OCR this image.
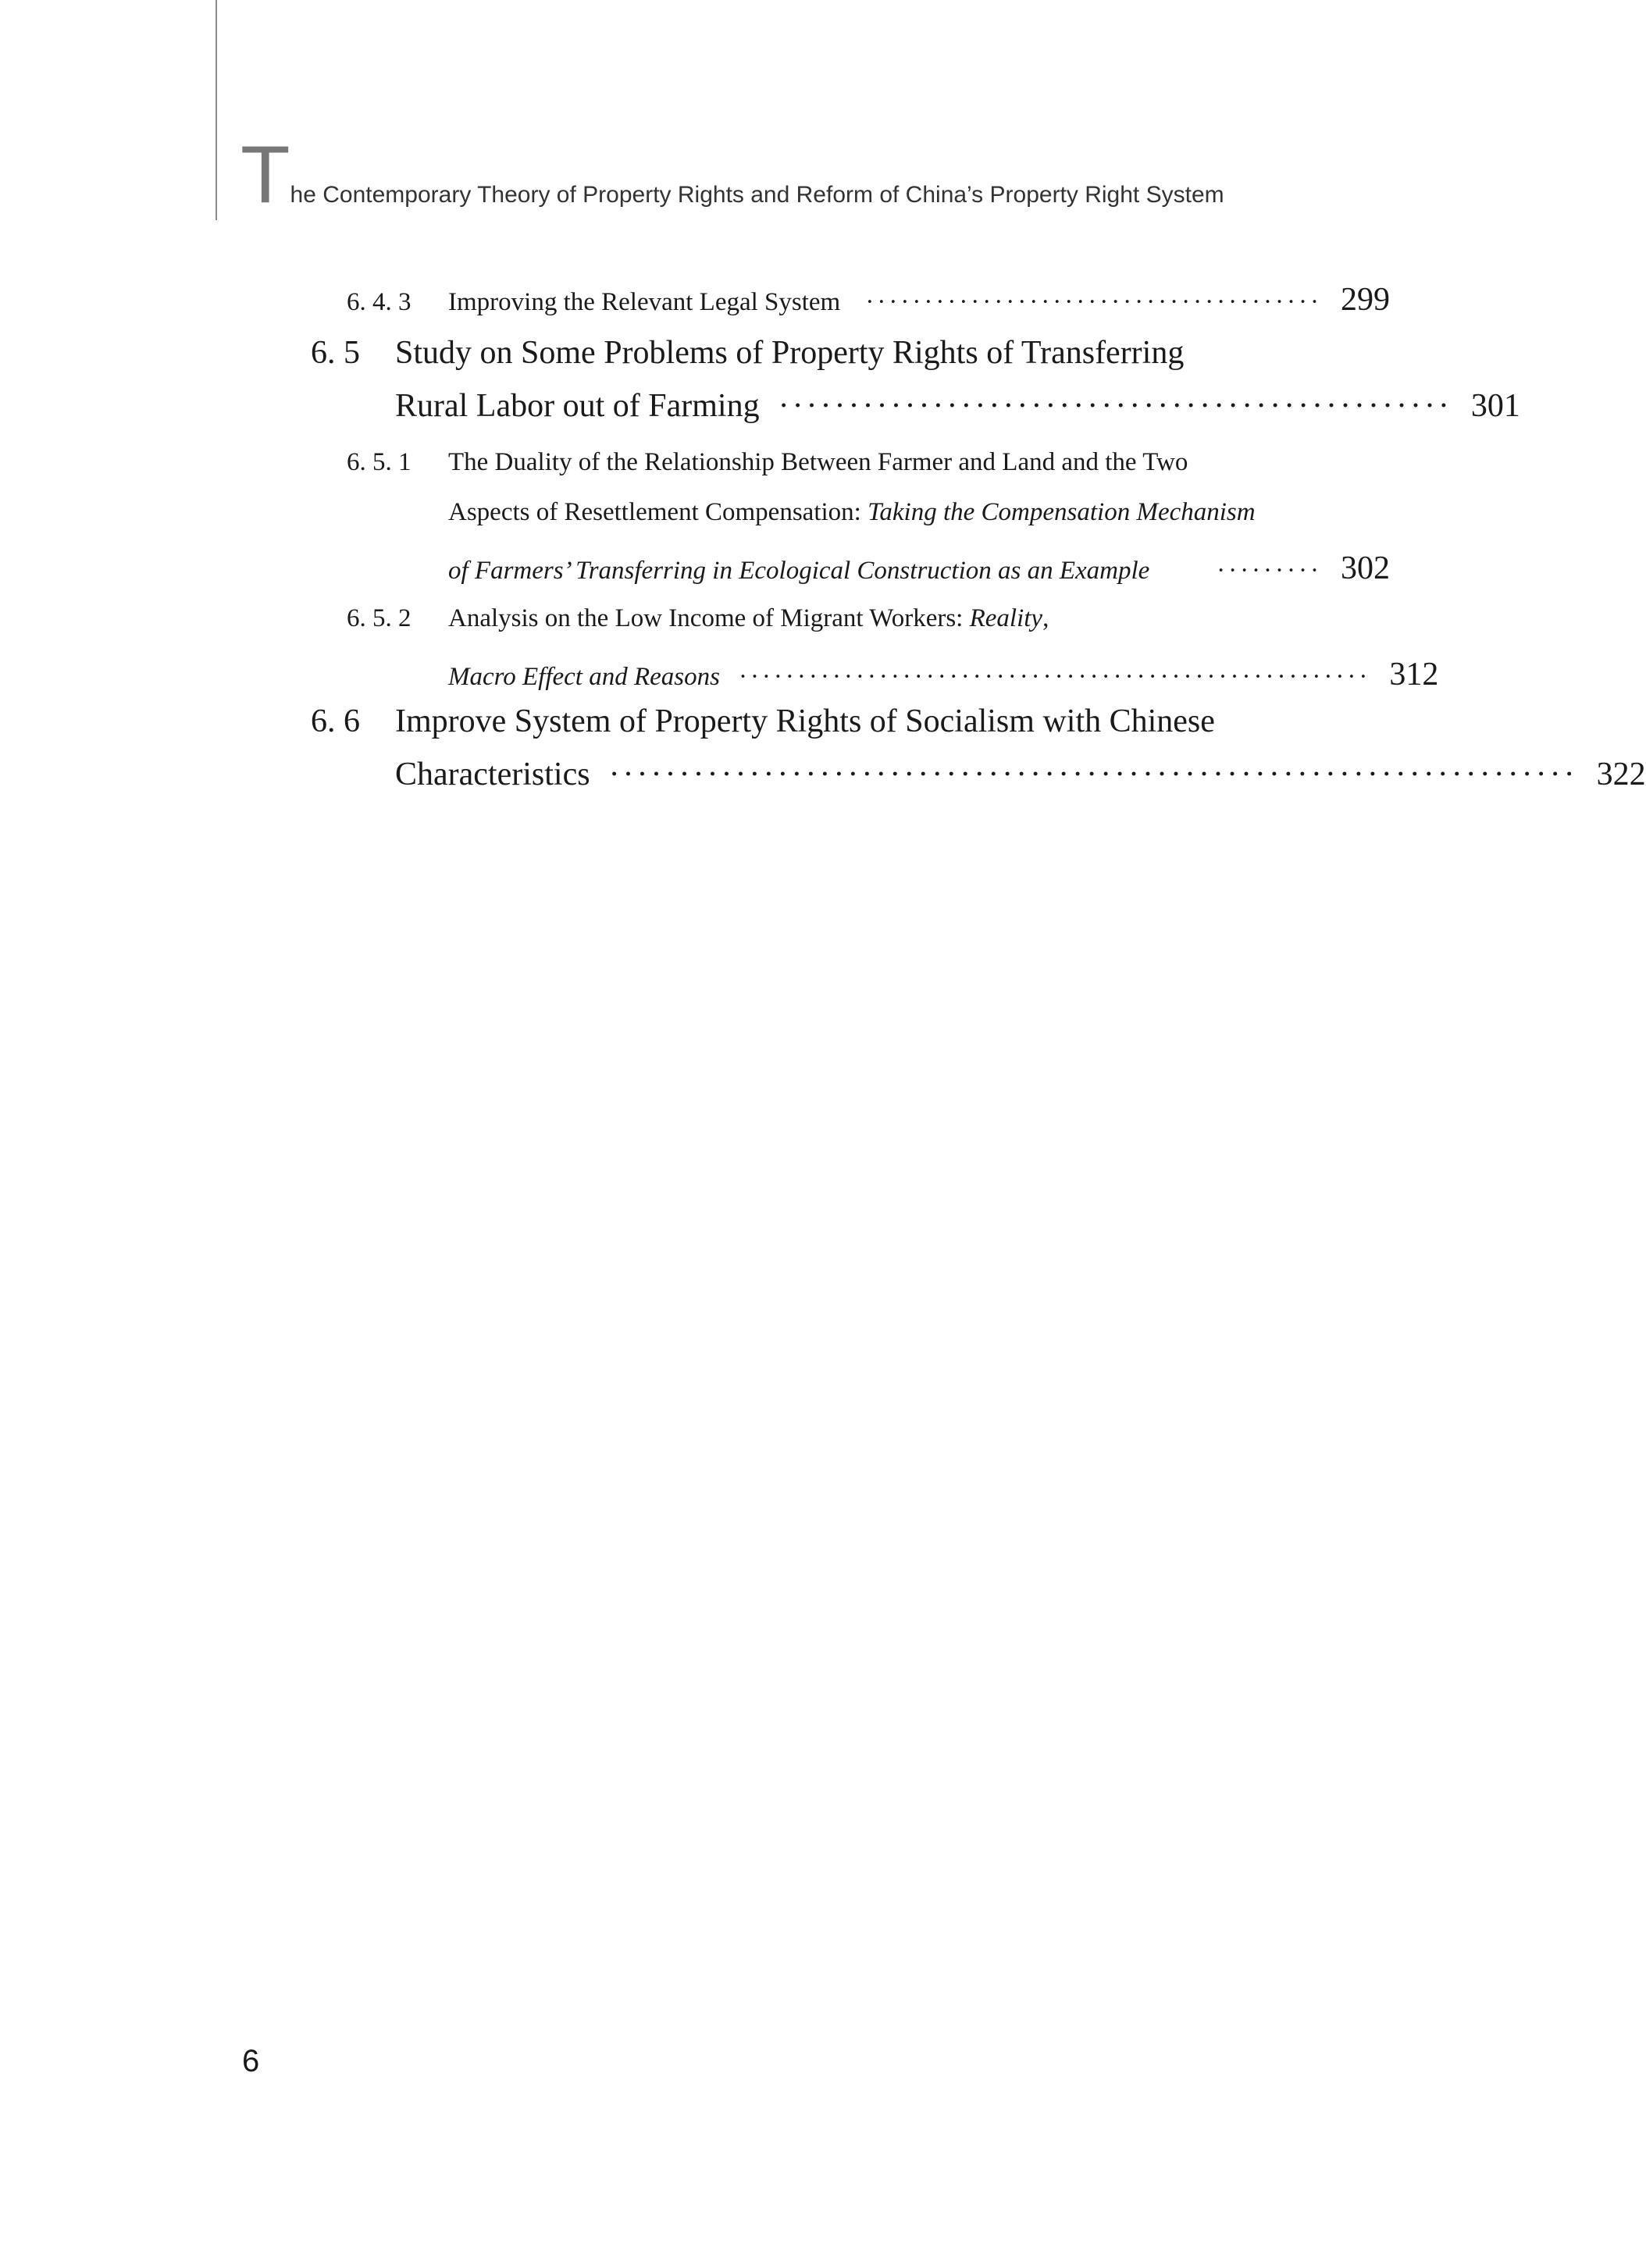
The Contemporary Theory of Property Rights and Reform of China’s Property Right System
6. 4. 3	Improving the Relevant Legal System ······································· 299
6. 5	Study on Some Problems of Property Rights of Transferring
Rural Labor out of Farming ················································ 301
6. 5. 1	The Duality of the Relationship Between Farmer and Land and the Two
Aspects of Resettlement Compensation: Taking the Compensation Mechanism
of Farmers’ Transferring in Ecological Construction as an Example	········· 302
6. 5. 2	Analysis on the Low Income of Migrant Workers: Reality,
Macro Effect and Reasons ······················································ 312
6. 6	Improve System of Property Rights of Socialism with Chinese
Characteristics ····································································· 322
6
